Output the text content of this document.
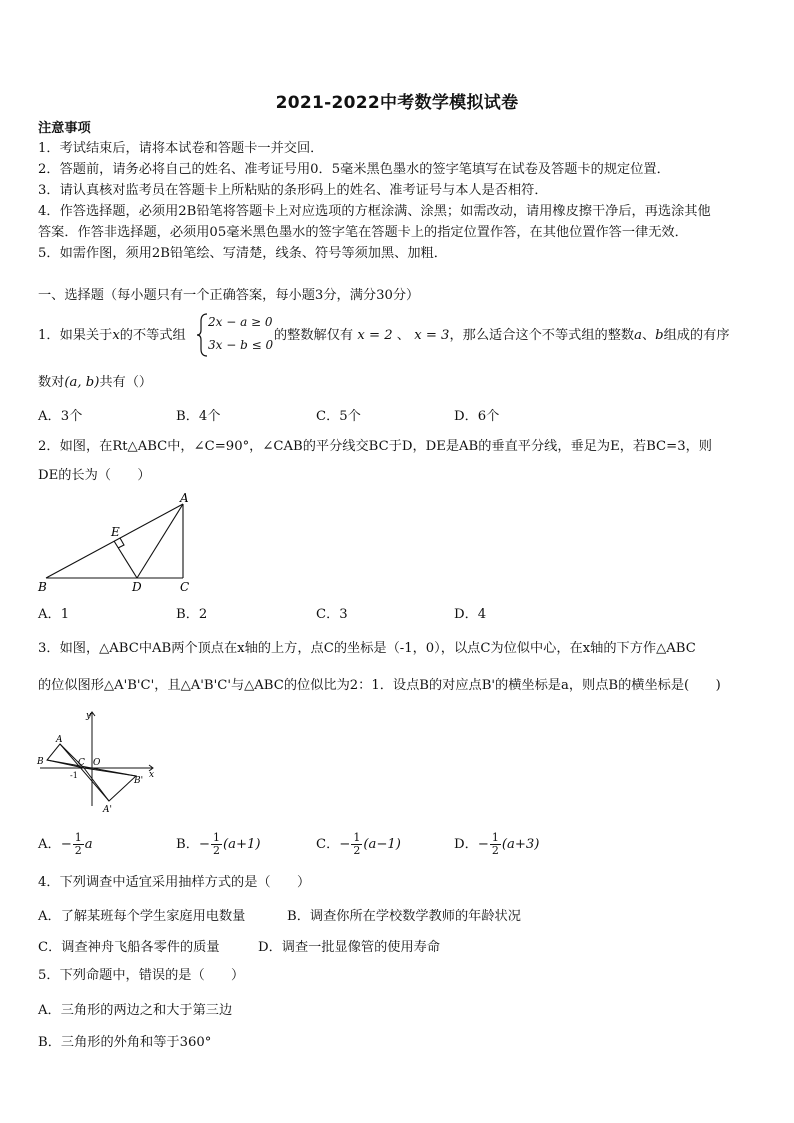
2021-2022中考数学模拟试卷
注意事项
1．考试结束后，请将本试卷和答题卡一并交回．
2．答题前，请务必将自己的姓名、准考证号用0．5毫米黑色墨水的签字笔填写在试卷及答题卡的规定位置．
3．请认真核对监考员在答题卡上所粘贴的条形码上的姓名、准考证号与本人是否相符．
4．作答选择题，必须用2B铅笔将答题卡上对应选项的方框涂满、涂黑；如需改动，请用橡皮擦干净后，再选涂其他
答案．作答非选择题，必须用05毫米黑色墨水的签字笔在答题卡上的指定位置作答，在其他位置作答一律无效．
5．如需作图，须用2B铅笔绘、写清楚，线条、符号等须加黑、加粗．
一、选择题（每小题只有一个正确答案，每小题3分，满分30分）
1．如果关于x的不等式组
2x − a ≥ 0
3x − b ≤ 0
的整数解仅有 x = 2 、 x = 3，那么适合这个不等式组的整数a、b组成的有序
数对(a, b)共有（）
A．3个	B．4个	C．5个	D．6个
2．如图，在Rt△ABC中，∠C=90°，∠CAB的平分线交BC于D，DE是AB的垂直平分线，垂足为E，若BC=3，则
DE的长为（　　）
A
B	C
D
E
A．1	B．2	C．3	D．4
3．如图，△ABC中AB两个顶点在x轴的上方，点C的坐标是（-1，0），以点C为位似中心，在x轴的下方作△ABC
的位似图形△A'B'C'，且△A'B'C'与△ABC的位似比为2：1．设点B的对应点B'的横坐标是a，则点B的横坐标是(　　)
y
x
A
B	C O
-1
B'
A'
A．− $\frac{1}{2}$ a	B．− $\frac{1}{2} (a+1)$	C．− $\frac{1}{2} (a-1)$	D．− $\frac{1}{2} (a+3)$
4．下列调查中适宜采用抽样方式的是（　　）
A．了解某班每个学生家庭用电数量	B．调查你所在学校数学教师的年龄状况
C．调查神舟飞船各零件的质量	D．调查一批显像管的使用寿命
5．下列命题中，错误的是（　　）
A．三角形的两边之和大于第三边
B．三角形的外角和等于360°
